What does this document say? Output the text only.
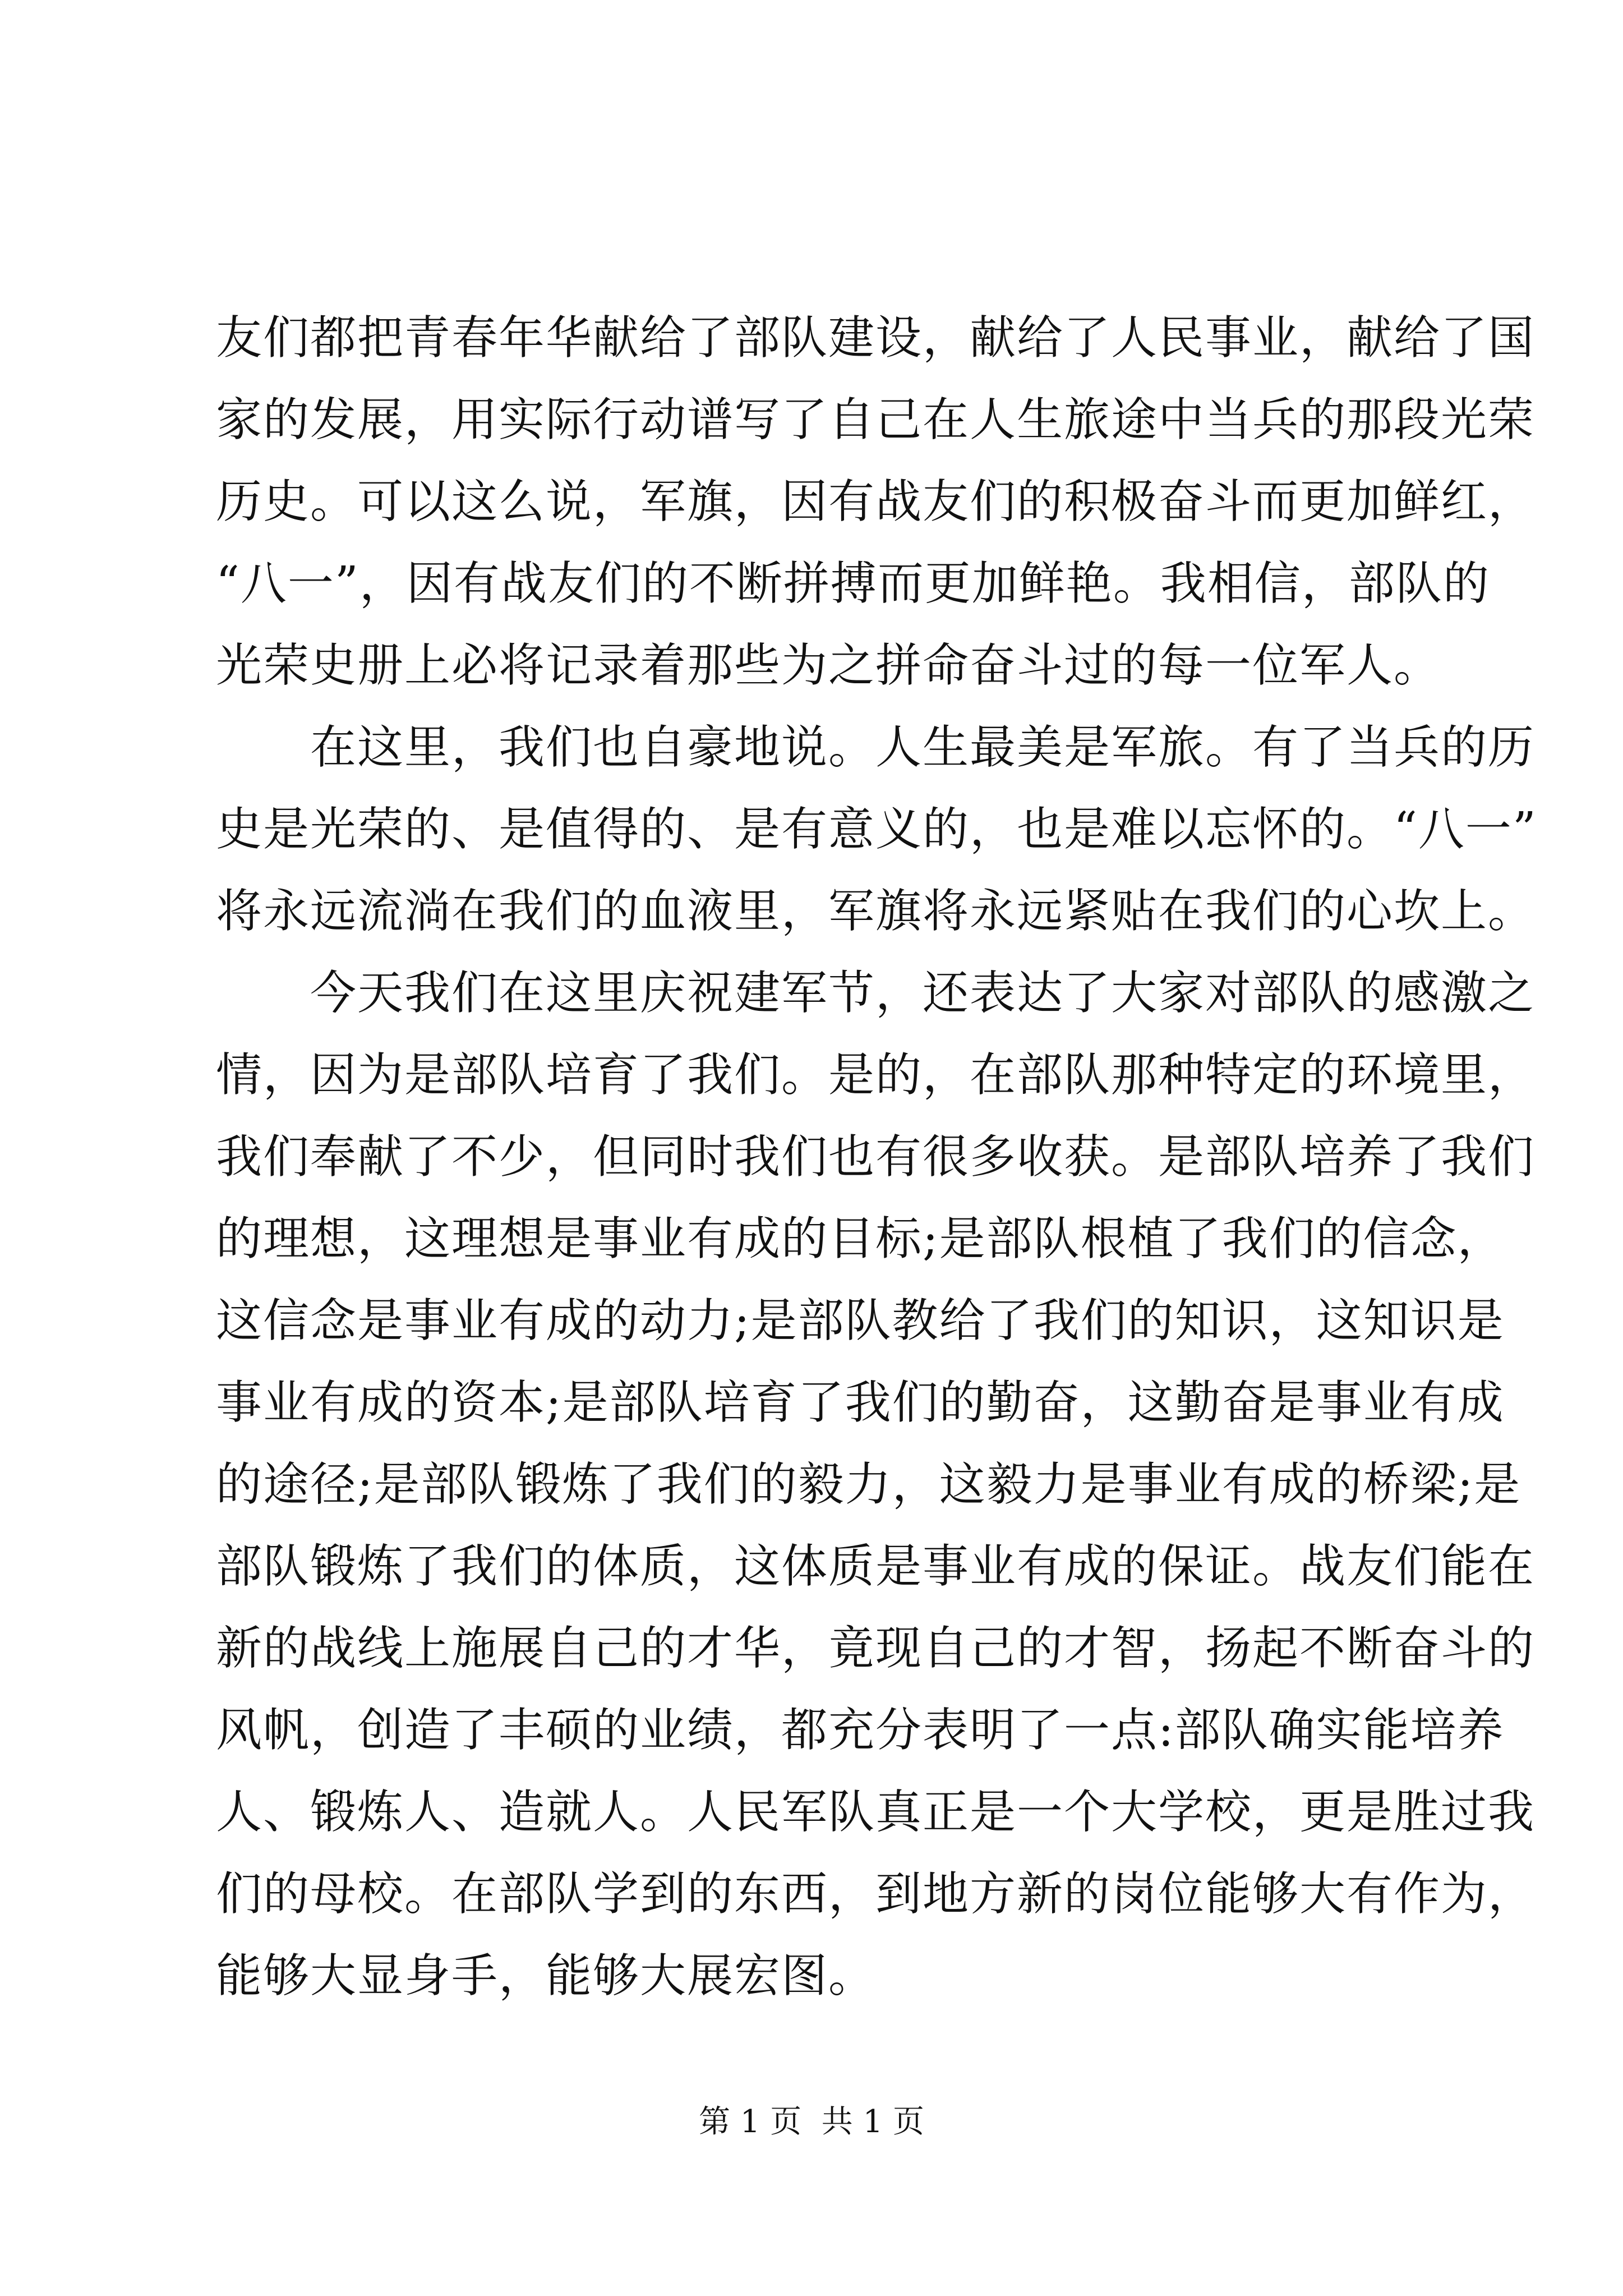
友们都把青春年华献给了部队建设，献给了人民事业，献给了国
家的发展，用实际行动谱写了自己在人生旅途中当兵的那段光荣
历史。可以这么说，军旗，因有战友们的积极奋斗而更加鲜红，
“八一”，因有战友们的不断拼搏而更加鲜艳。我相信，部队的
光荣史册上必将记录着那些为之拼命奋斗过的每一位军人。
在这里，我们也自豪地说。人生最美是军旅。有了当兵的历
史是光荣的、是值得的、是有意义的，也是难以忘怀的。“八一”
将永远流淌在我们的血液里，军旗将永远紧贴在我们的心坎上。
今天我们在这里庆祝建军节，还表达了大家对部队的感激之
情，因为是部队培育了我们。是的，在部队那种特定的环境里，
我们奉献了不少，但同时我们也有很多收获。是部队培养了我们
的理想，这理想是事业有成的目标;是部队根植了我们的信念，
这信念是事业有成的动力;是部队教给了我们的知识，这知识是
事业有成的资本;是部队培育了我们的勤奋，这勤奋是事业有成
的途径;是部队锻炼了我们的毅力，这毅力是事业有成的桥梁;是
部队锻炼了我们的体质，这体质是事业有成的保证。战友们能在
新的战线上施展自己的才华，竟现自己的才智，扬起不断奋斗的
风帆，创造了丰硕的业绩，都充分表明了一点:部队确实能培养
人、锻炼人、造就人。人民军队真正是一个大学校，更是胜过我
们的母校。在部队学到的东西，到地方新的岗位能够大有作为，
能够大显身手，能够大展宏图。
第 1 页  共 1 页
